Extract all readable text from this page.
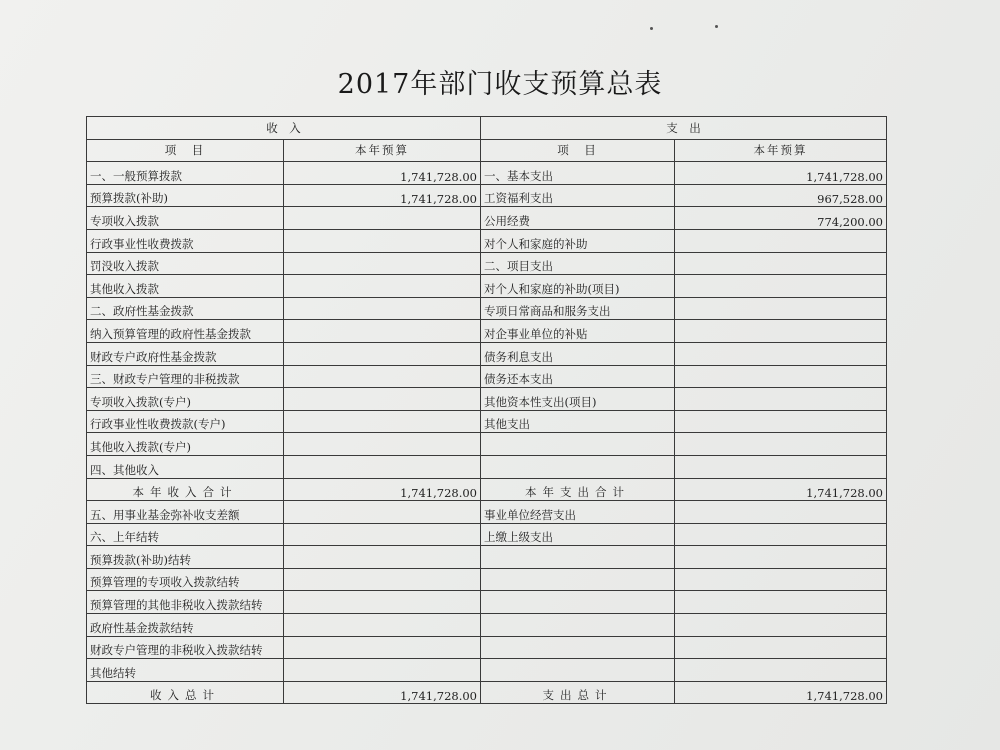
2017年部门收支预算总表
收　入		支　出	
项　目	本年预算	项　目	本年预算
一、一般预算拨款	1,741,728.00	一、基本支出	1,741,728.00
预算拨款(补助)	1,741,728.00	工资福利支出	967,528.00
专项收入拨款		公用经费	774,200.00
行政事业性收费拨款		对个人和家庭的补助	
罚没收入拨款		二、项目支出	
其他收入拨款		对个人和家庭的补助(项目)	
二、政府性基金拨款		专项日常商品和服务支出	
纳入预算管理的政府性基金拨款		对企事业单位的补贴	
财政专户政府性基金拨款		债务利息支出	
三、财政专户管理的非税拨款		债务还本支出	
专项收入拨款(专户)		其他资本性支出(项目)	
行政事业性收费拨款(专户)		其他支出	
其他收入拨款(专户)			
四、其他收入			
本年收入合计	1,741,728.00	本年支出合计	1,741,728.00
五、用事业基金弥补收支差额		事业单位经营支出	
六、上年结转		上缴上级支出	
预算拨款(补助)结转			
预算管理的专项收入拨款结转			
预算管理的其他非税收入拨款结转			
政府性基金拨款结转			
财政专户管理的非税收入拨款结转			
其他结转			
收入总计	1,741,728.00	支出总计	1,741,728.00
